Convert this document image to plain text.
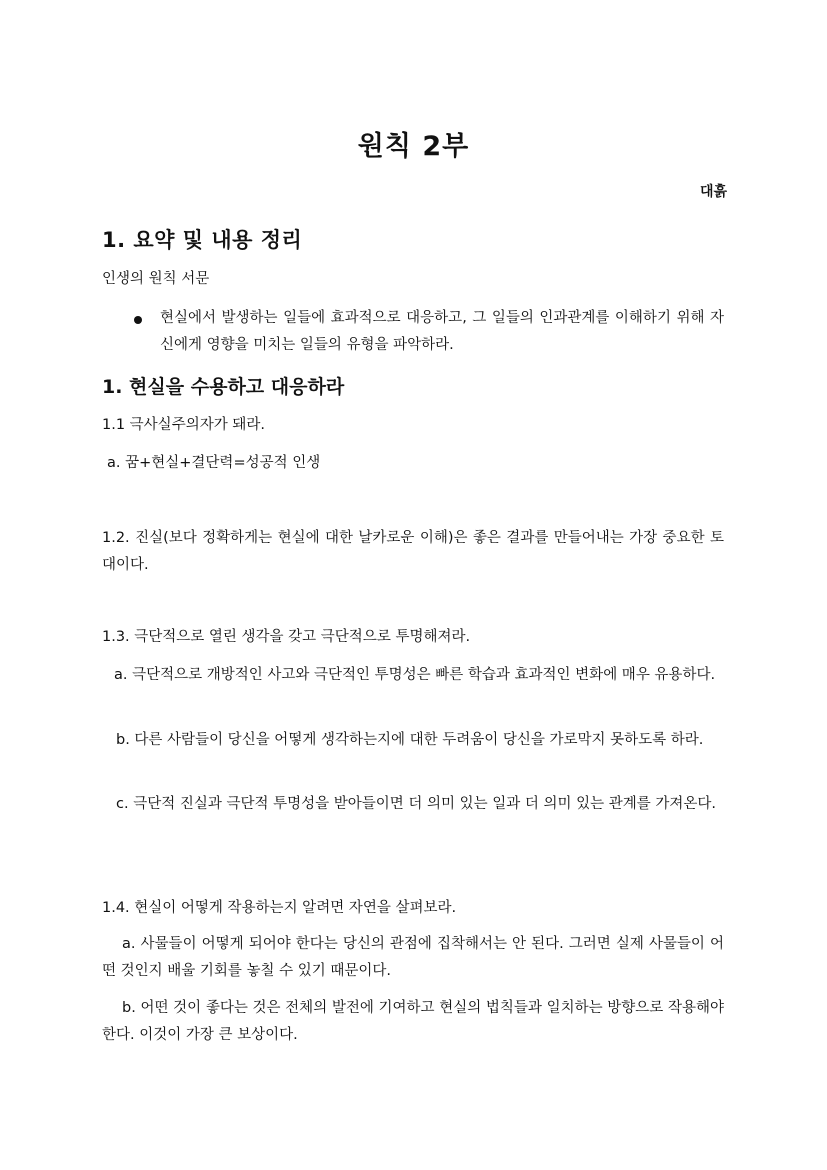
원칙 2부
대흙
1. 요약 및 내용 정리

인생의 원칙 서문

현실에서 발생하는 일들에 효과적으로 대응하고, 그 일들의 인과관계를 이해하기 위해 자신에게 영향을 미치는 일들의 유형을 파악하라.
1. 현실을 수용하고 대응하라

1.1 극사실주의자가 돼라.

a. 꿈+현실+결단력=성공적 인생

1.2. 진실(보다 정확하게는 현실에 대한 날카로운 이해)은 좋은 결과를 만들어내는 가장 중요한 토대이다.

1.3. 극단적으로 열린 생각을 갖고 극단적으로 투명해져라.

a. 극단적으로 개방적인 사고와 극단적인 투명성은 빠른 학습과 효과적인 변화에 매우 유용하다.

b. 다른 사람들이 당신을 어떻게 생각하는지에 대한 두려움이 당신을 가로막지 못하도록 하라.

c. 극단적 진실과 극단적 투명성을 받아들이면 더 의미 있는 일과 더 의미 있는 관계를 가져온다.

1.4. 현실이 어떻게 작용하는지 알려면 자연을 살펴보라.

a. 사물들이 어떻게 되어야 한다는 당신의 관점에 집착해서는 안 된다. 그러면 실제 사물들이 어떤 것인지 배울 기회를 놓칠 수 있기 때문이다.

b. 어떤 것이 좋다는 것은 전체의 발전에 기여하고 현실의 법칙들과 일치하는 방향으로 작용해야 한다. 이것이 가장 큰 보상이다.
